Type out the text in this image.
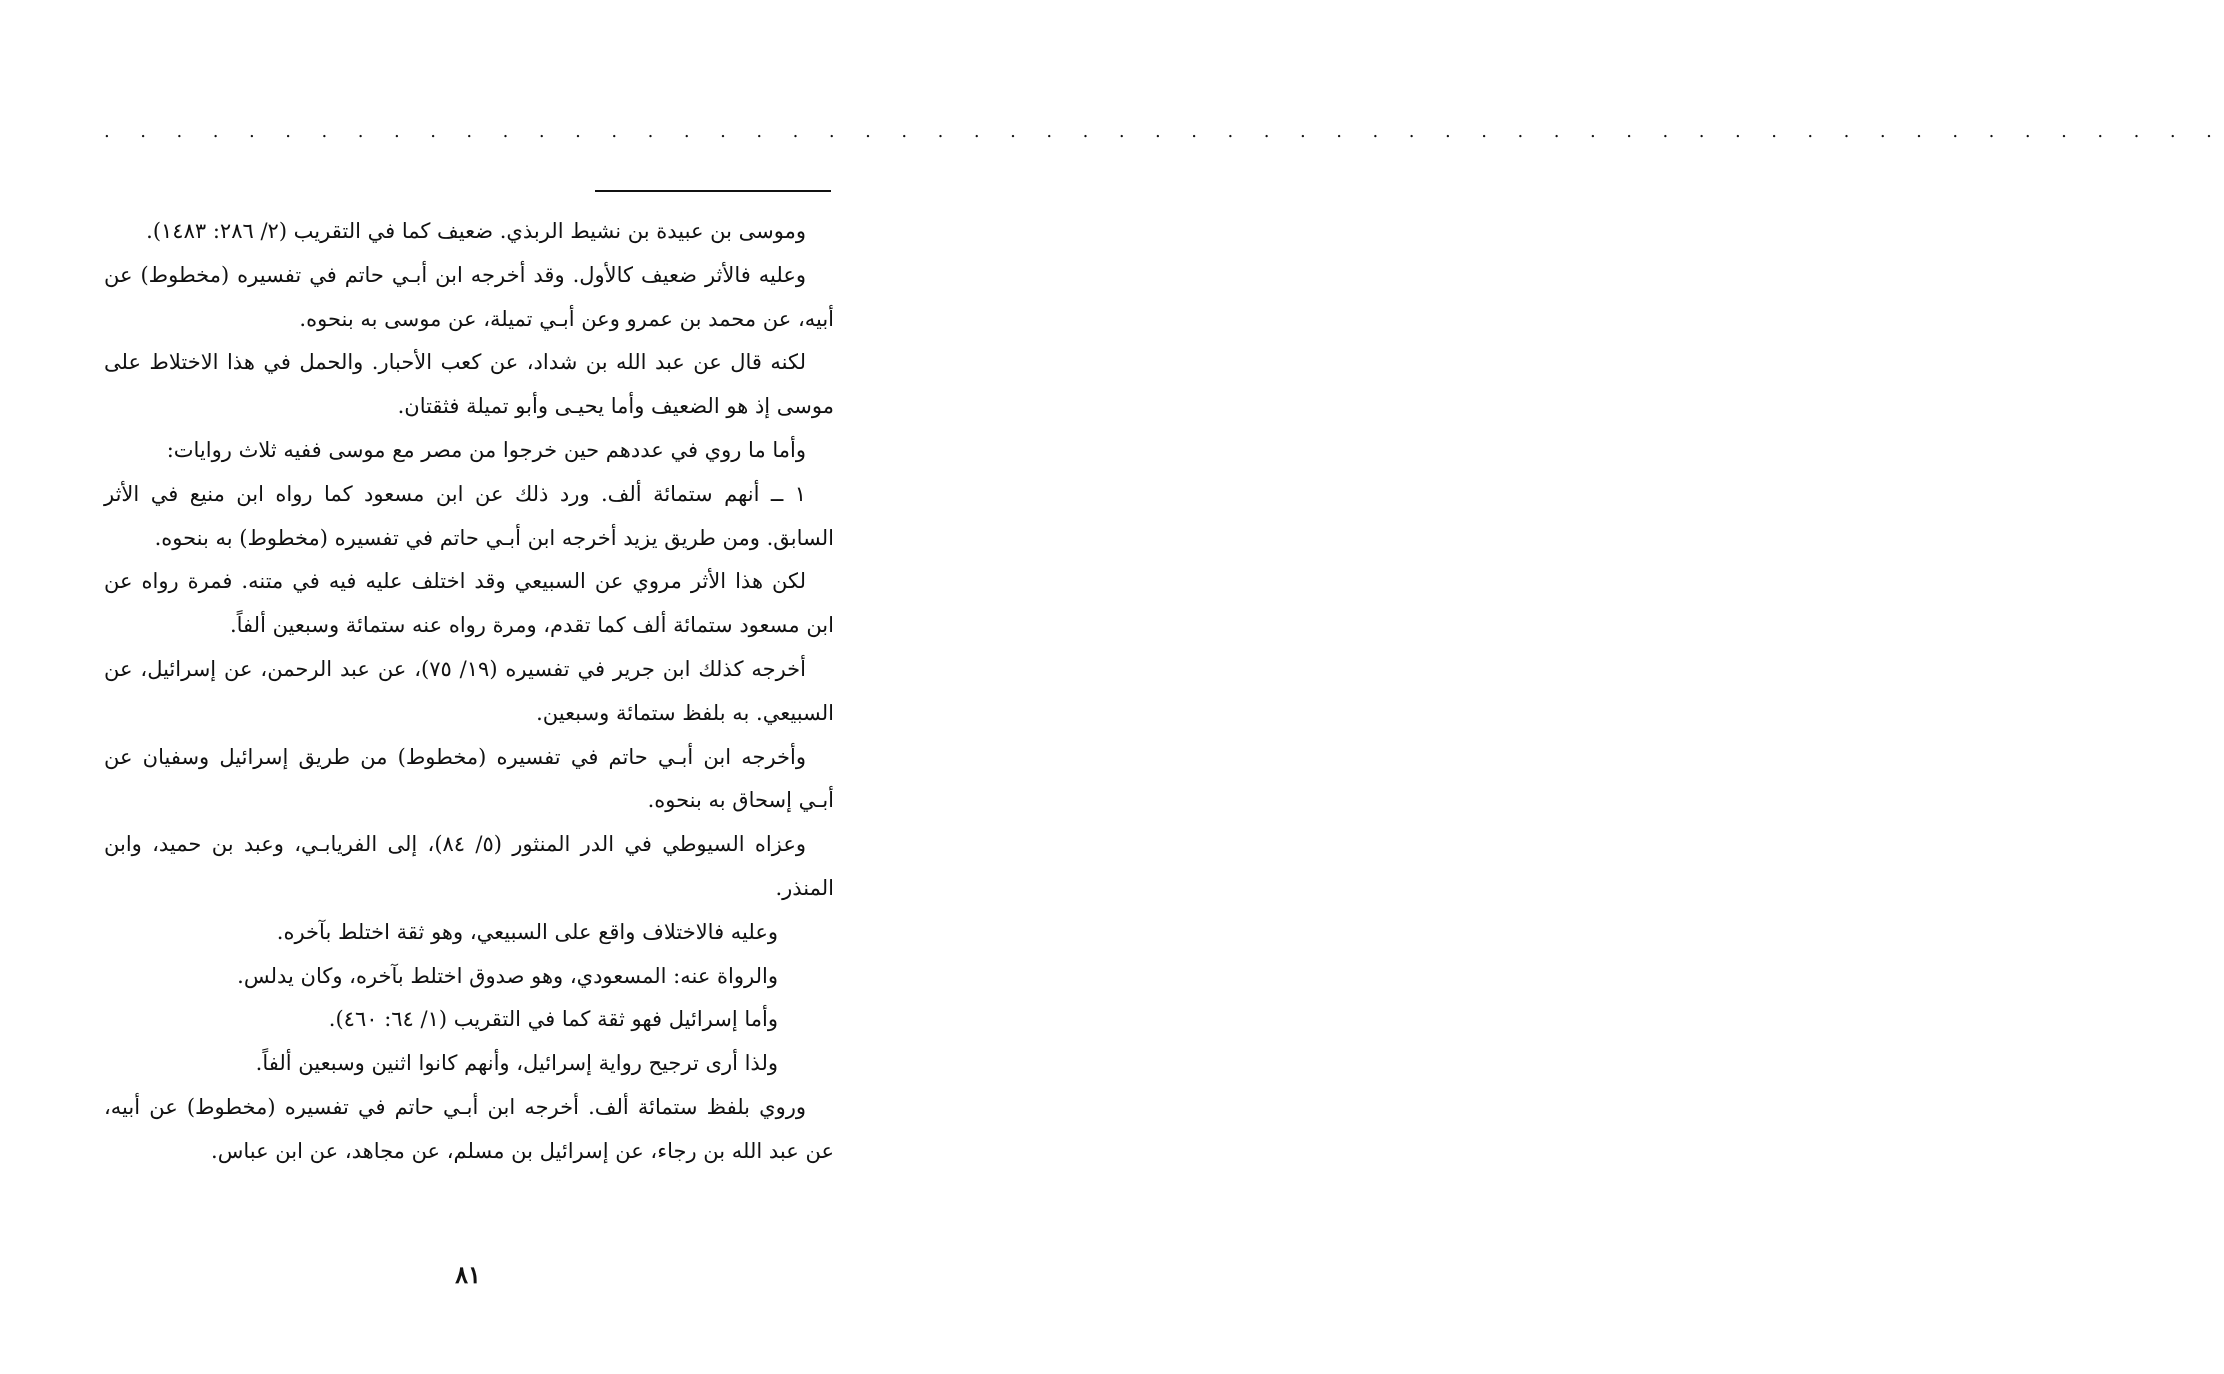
. . . . . . . . . . . . . . . . . . . . . . . . . . . . . . . . . . . . . . . . . . . . . . . . . . . . . . . . . . .

وموسى بن عبيدة بن نشيط الربذي. ضعيف كما في التقريب (٢/ ٢٨٦: ١٤٨٣).

وعليه فالأثر ضعيف كالأول. وقد أخرجه ابن أبـي حاتم في تفسيره (مخطوط) عن أبيه، عن محمد بن عمرو وعن أبـي تميلة، عن موسى به بنحوه.

لكنه قال عن عبد الله بن شداد، عن كعب الأحبار. والحمل في هذا الاختلاط على موسى إذ هو الضعيف وأما يحيـى وأبو تميلة فثقتان.

وأما ما روي في عددهم حين خرجوا من مصر مع موسى ففيه ثلاث روايات:

١ ــ أنهم ستمائة ألف. ورد ذلك عن ابن مسعود كما رواه ابن منيع في الأثر السابق. ومن طريق يزيد أخرجه ابن أبـي حاتم في تفسيره (مخطوط) به بنحوه.

لكن هذا الأثر مروي عن السبيعي وقد اختلف عليه فيه في متنه. فمرة رواه عن ابن مسعود ستمائة ألف كما تقدم، ومرة رواه عنه ستمائة وسبعين ألفاً.

أخرجه كذلك ابن جرير في تفسيره (١٩/ ٧٥)، عن عبد الرحمن، عن إسرائيل، عن السبيعي. به بلفظ ستمائة وسبعين.

وأخرجه ابن أبـي حاتم في تفسيره (مخطوط) من طريق إسرائيل وسفيان عن أبـي إسحاق به بنحوه.

وعزاه السيوطي في الدر المنثور (٥/ ٨٤)، إلى الفريابـي، وعبد بن حميد، وابن المنذر.

وعليه فالاختلاف واقع على السبيعي، وهو ثقة اختلط بآخره.

والرواة عنه: المسعودي، وهو صدوق اختلط بآخره، وكان يدلس.

وأما إسرائيل فهو ثقة كما في التقريب (١/ ٦٤: ٤٦٠).

ولذا أرى ترجيح رواية إسرائيل، وأنهم كانوا اثنين وسبعين ألفاً.

وروي بلفظ ستمائة ألف. أخرجه ابن أبـي حاتم في تفسيره (مخطوط) عن أبيه، عن عبد الله بن رجاء، عن إسرائيل بن مسلم، عن مجاهد، عن ابن عباس.

٨١
